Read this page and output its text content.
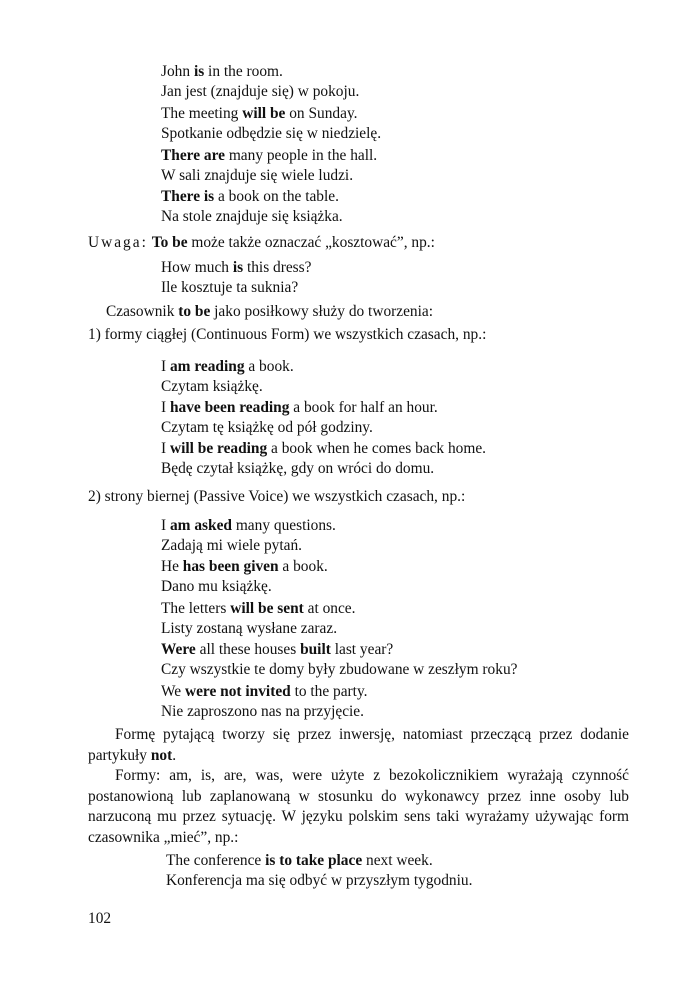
John is in the room.
Jan jest (znajduje się) w pokoju.
The meeting will be on Sunday.
Spotkanie odbędzie się w niedzielę.
There are many people in the hall.
W sali znajduje się wiele ludzi.
There is a book on the table.
Na stole znajduje się książka.
Uwaga: To be może także oznaczać „kosztować”, np.:
How much is this dress?
Ile kosztuje ta suknia?
Czasownik to be jako posiłkowy służy do tworzenia:
1) formy ciągłej (Continuous Form) we wszystkich czasach, np.:
I am reading a book.
Czytam książkę.
I have been reading a book for half an hour.
Czytam tę książkę od pół godziny.
I will be reading a book when he comes back home.
Będę czytał książkę, gdy on wróci do domu.
2) strony biernej (Passive Voice) we wszystkich czasach, np.:
I am asked many questions.
Zadają mi wiele pytań.
He has been given a book.
Dano mu książkę.
The letters will be sent at once.
Listy zostaną wysłane zaraz.
Were all these houses built last year?
Czy wszystkie te domy były zbudowane w zeszłym roku?
We were not invited to the party.
Nie zaproszono nas na przyjęcie.
Formę pytającą tworzy się przez inwersję, natomiast przeczącą przez dodanie partykuły not.
Formy: am, is, are, was, were użyte z bezokolicznikiem wyrażają czynność postanowioną lub zaplanowaną w stosunku do wykonawcy przez inne osoby lub narzuconą mu przez sytuację. W języku polskim sens taki wyrażamy używając form czasownika „mieć”, np.:
The conference is to take place next week.
Konferencja ma się odbyć w przyszłym tygodniu.
102
